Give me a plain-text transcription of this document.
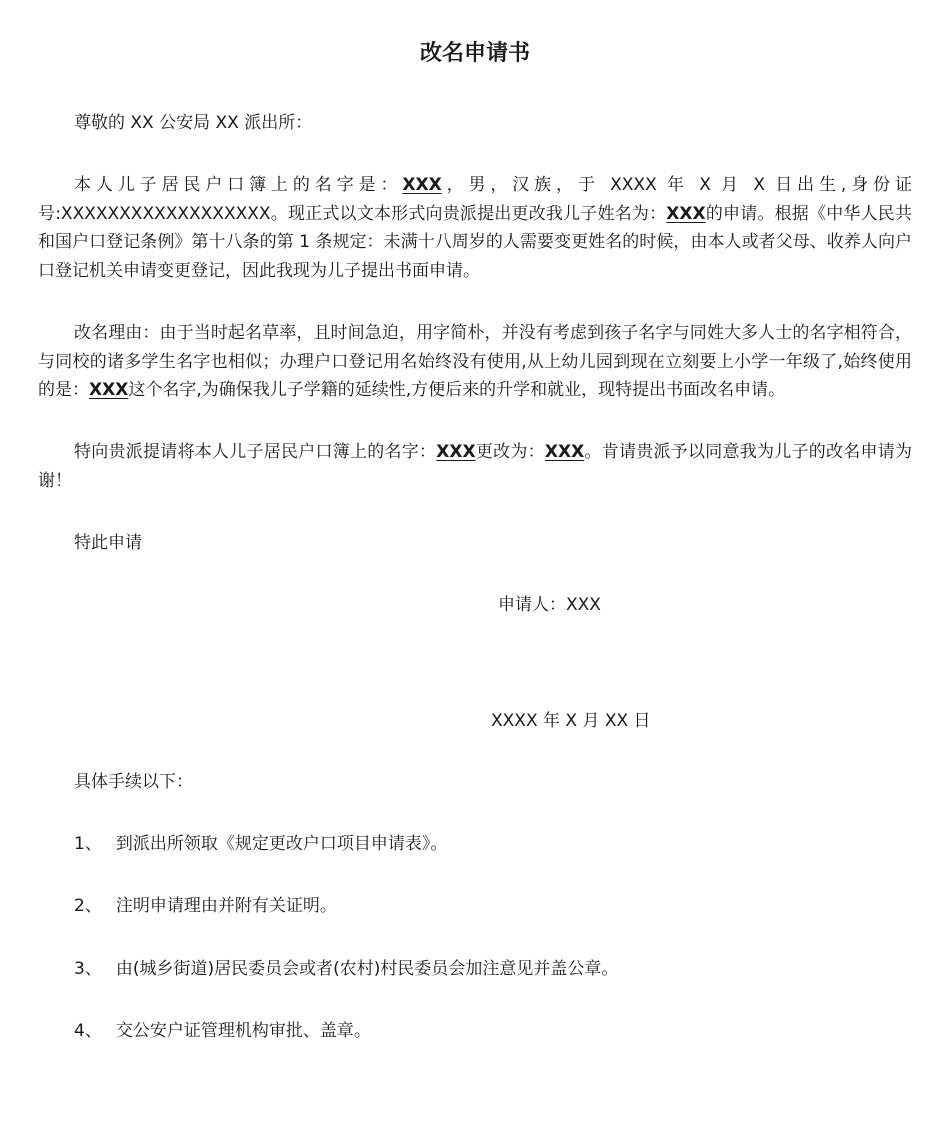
改名申请书

尊敬的 XX 公安局 XX 派出所：

本人儿子居民户口簿上的名字是：XXX，男，汉族，于 XXXX 年 X 月 X 日出生,身份证号:XXXXXXXXXXXXXXXXXX。现正式以文本形式向贵派提出更改我儿子姓名为：XXX的申请。根据《中华人民共和国户口登记条例》第十八条的第 1 条规定：未满十八周岁的人需要变更姓名的时候，由本人或者父母、收养人向户口登记机关申请变更登记，因此我现为儿子提出书面申请。

改名理由：由于当时起名草率，且时间急迫，用字简朴，并没有考虑到孩子名字与同姓大多人士的名字相符合，与同校的诸多学生名字也相似；办理户口登记用名始终没有使用,从上幼儿园到现在立刻要上小学一年级了,始终使用的是：XXX这个名字,为确保我儿子学籍的延续性,方便后来的升学和就业，现特提出书面改名申请。

特向贵派提请将本人儿子居民户口簿上的名字：XXX更改为：XXX。肯请贵派予以同意我为儿子的改名申请为谢！

特此申请

申请人：XXX

XXXX 年 X 月 XX 日

具体手续以下：

1、 到派出所领取《规定更改户口项目申请表》。

2、 注明申请理由并附有关证明。

3、 由(城乡街道)居民委员会或者(农村)村民委员会加注意见并盖公章。

4、 交公安户证管理机构审批、盖章。
